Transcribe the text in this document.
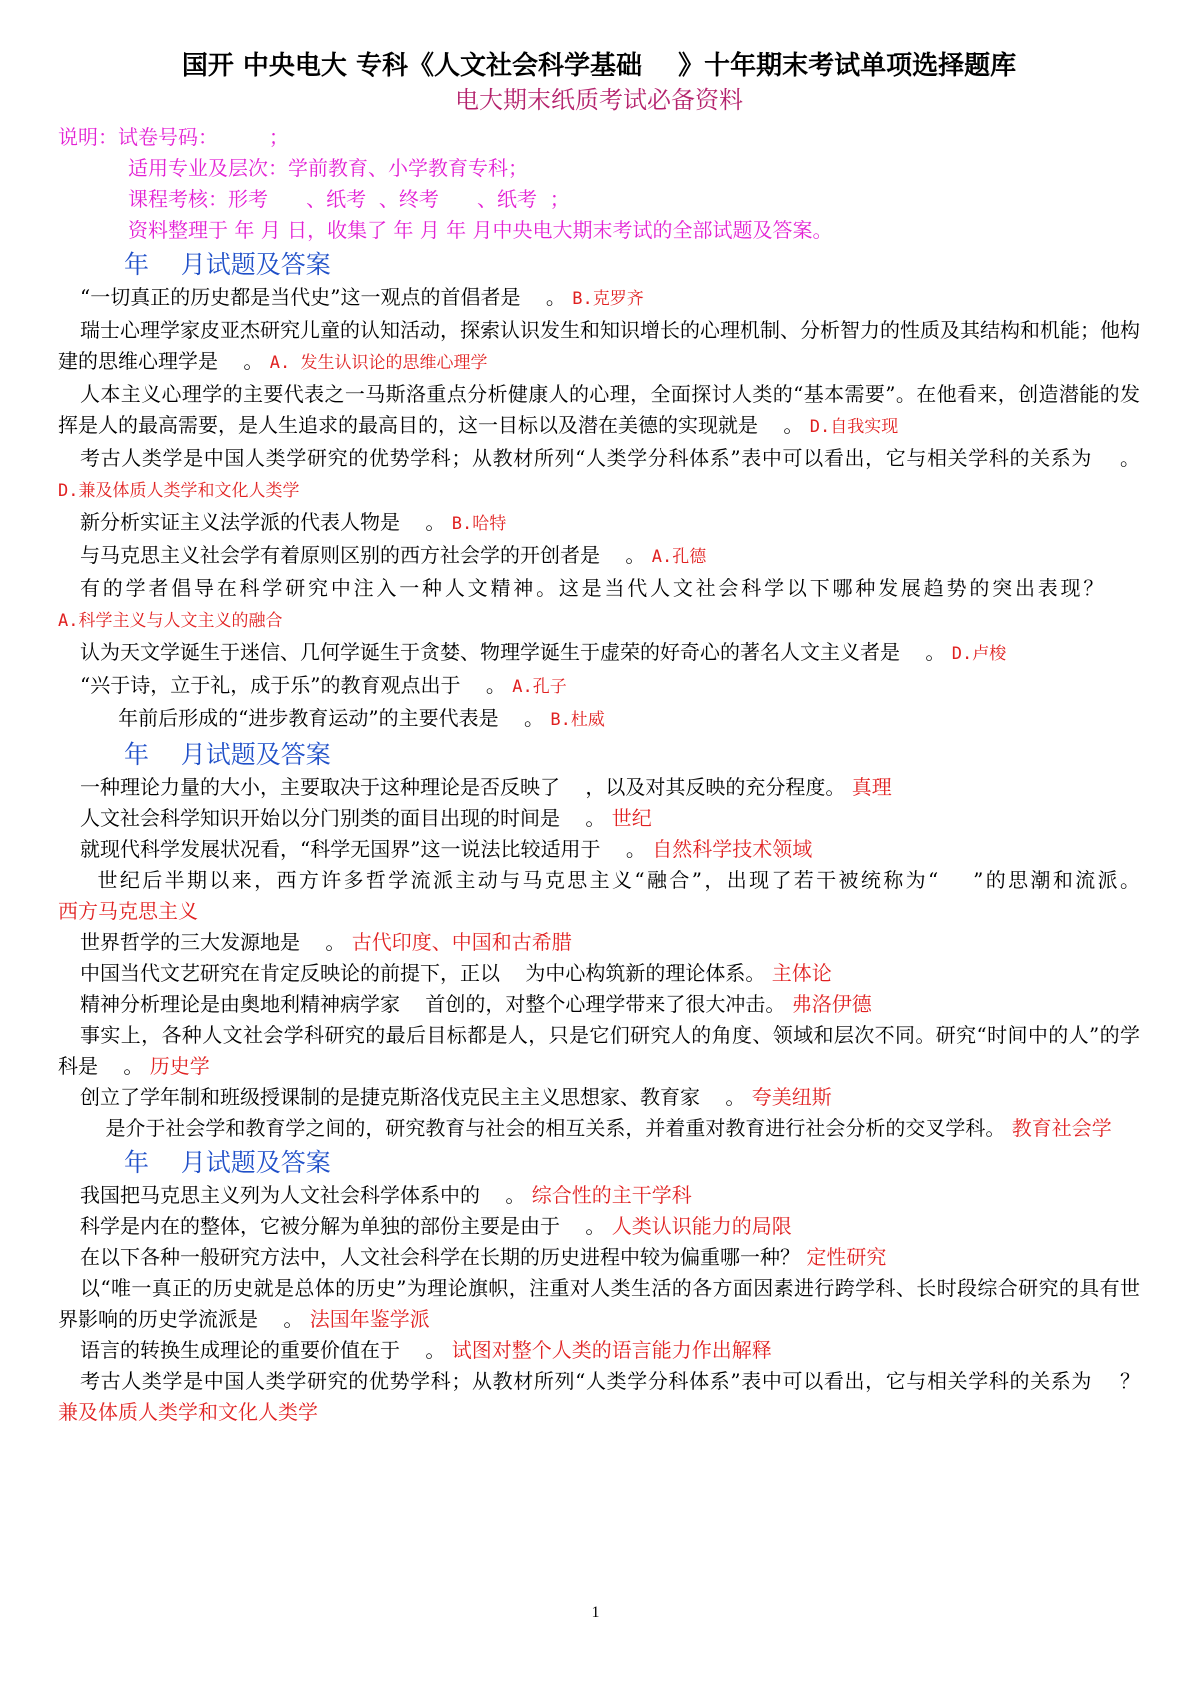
国开 中央电大 专科《人文社会科学基础    》十年期末考试单项选择题库
电大期末纸质考试必备资料
说明：试卷号码：        ；
适用专业及层次：学前教育、小学教育专科；
课程考核：形考      、纸考  、终考      、纸考  ；
资料整理于 年 月 日，收集了 年 月 年 月中央电大期末考试的全部试题及答案。
年    月试题及答案
“一切真正的历史都是当代史”这一观点的首倡者是    。 B.克罗齐
瑞士心理学家皮亚杰研究儿童的认知活动，探索认识发生和知识增长的心理机制、分析智力的性质及其结构和机能；他构建的思维心理学是    。 A. 发生认识论的思维心理学
人本主义心理学的主要代表之一马斯洛重点分析健康人的心理，全面探讨人类的“基本需要”。在他看来，创造潜能的发挥是人的最高需要，是人生追求的最高目的，这一目标以及潜在美德的实现就是    。 D.自我实现
考古人类学是中国人类学研究的优势学科；从教材所列“人类学分科体系”表中可以看出，它与相关学科的关系为    。 D.兼及体质人类学和文化人类学
新分析实证主义法学派的代表人物是    。 B.哈特
与马克思主义社会学有着原则区别的西方社会学的开创者是    。 A.孔德
有的学者倡导在科学研究中注入一种人文精神。这是当代人文社会科学以下哪种发展趋势的突出表现？     A.科学主义与人文主义的融合
认为天文学诞生于迷信、几何学诞生于贪婪、物理学诞生于虚荣的好奇心的著名人文主义者是    。 D.卢梭
“兴于诗，立于礼，成于乐”的教育观点出于    。 A.孔子
年前后形成的“进步教育运动”的主要代表是    。 B.杜威
年    月试题及答案
一种理论力量的大小，主要取决于这种理论是否反映了    ，以及对其反映的充分程度。 真理
人文社会科学知识开始以分门别类的面目出现的时间是    。 世纪
就现代科学发展状况看，“科学无国界”这一说法比较适用于    。 自然科学技术领域
世纪后半期以来，西方许多哲学流派主动与马克思主义“融合”，出现了若干被统称为“    ”的思潮和流派。 西方马克思主义
世界哲学的三大发源地是    。 古代印度、中国和古希腊
中国当代文艺研究在肯定反映论的前提下，正以    为中心构筑新的理论体系。 主体论
精神分析理论是由奥地利精神病学家    首创的，对整个心理学带来了很大冲击。 弗洛伊德
事实上，各种人文社会学科研究的最后目标都是人，只是它们研究人的角度、领域和层次不同。研究“时间中的人”的学科是    。 历史学
创立了学年制和班级授课制的是捷克斯洛伐克民主主义思想家、教育家    。 夸美纽斯
是介于社会学和教育学之间的，研究教育与社会的相互关系，并着重对教育进行社会分析的交叉学科。 教育社会学
年    月试题及答案
我国把马克思主义列为人文社会科学体系中的    。 综合性的主干学科
科学是内在的整体，它被分解为单独的部份主要是由于    。 人类认识能力的局限
在以下各种一般研究方法中，人文社会科学在长期的历史进程中较为偏重哪一种？ 定性研究
以“唯一真正的历史就是总体的历史”为理论旗帜，注重对人类生活的各方面因素进行跨学科、长时段综合研究的具有世界影响的历史学流派是    。 法国年鉴学派
语言的转换生成理论的重要价值在于    。 试图对整个人类的语言能力作出解释
考古人类学是中国人类学研究的优势学科；从教材所列“人类学分科体系”表中可以看出，它与相关学科的关系为    ？ 兼及体质人类学和文化人类学
1
